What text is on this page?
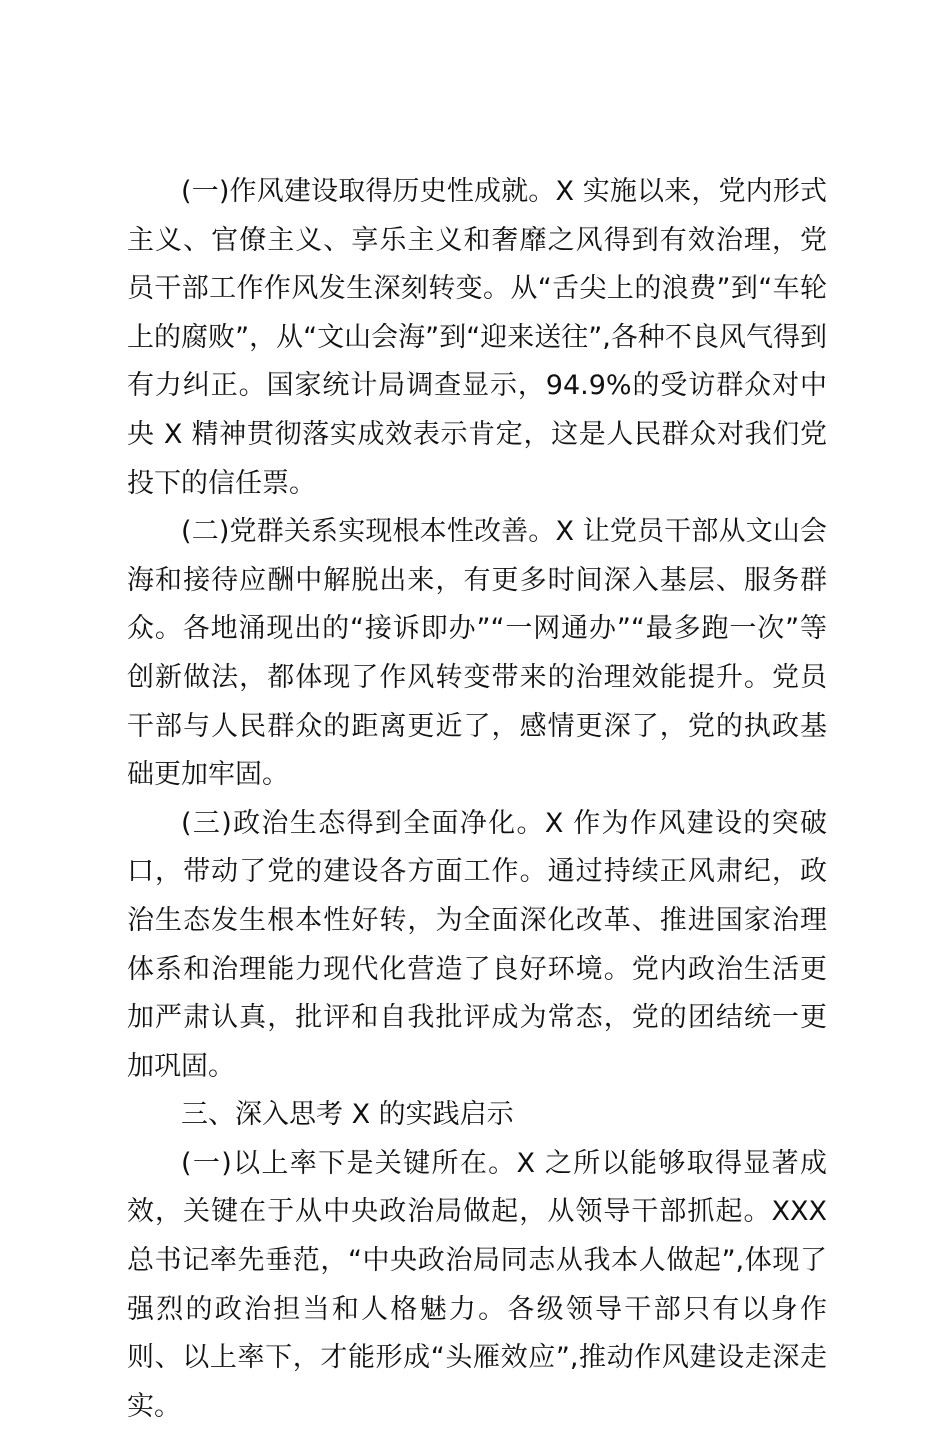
(一)作风建设取得历史性成就。X 实施以来，党内形式主义、官僚主义、享乐主义和奢靡之风得到有效治理，党员干部工作作风发生深刻转变。从“舌尖上的浪费”到“车轮上的腐败”，从“文山会海”到“迎来送往”,各种不良风气得到有力纠正。国家统计局调查显示，94.9%的受访群众对中央 X 精神贯彻落实成效表示肯定，这是人民群众对我们党投下的信任票。

(二)党群关系实现根本性改善。X 让党员干部从文山会海和接待应酬中解脱出来，有更多时间深入基层、服务群众。各地涌现出的“接诉即办”“一网通办”“最多跑一次”等创新做法，都体现了作风转变带来的治理效能提升。党员干部与人民群众的距离更近了，感情更深了，党的执政基础更加牢固。

(三)政治生态得到全面净化。X 作为作风建设的突破口，带动了党的建设各方面工作。通过持续正风肃纪，政治生态发生根本性好转，为全面深化改革、推进国家治理体系和治理能力现代化营造了良好环境。党内政治生活更加严肃认真，批评和自我批评成为常态，党的团结统一更加巩固。

三、深入思考 X 的实践启示

(一)以上率下是关键所在。X 之所以能够取得显著成效，关键在于从中央政治局做起，从领导干部抓起。XXX 总书记率先垂范，“中央政治局同志从我本人做起”,体现了强烈的政治担当和人格魅力。各级领导干部只有以身作则、以上率下，才能形成“头雁效应”,推动作风建设走深走实。
